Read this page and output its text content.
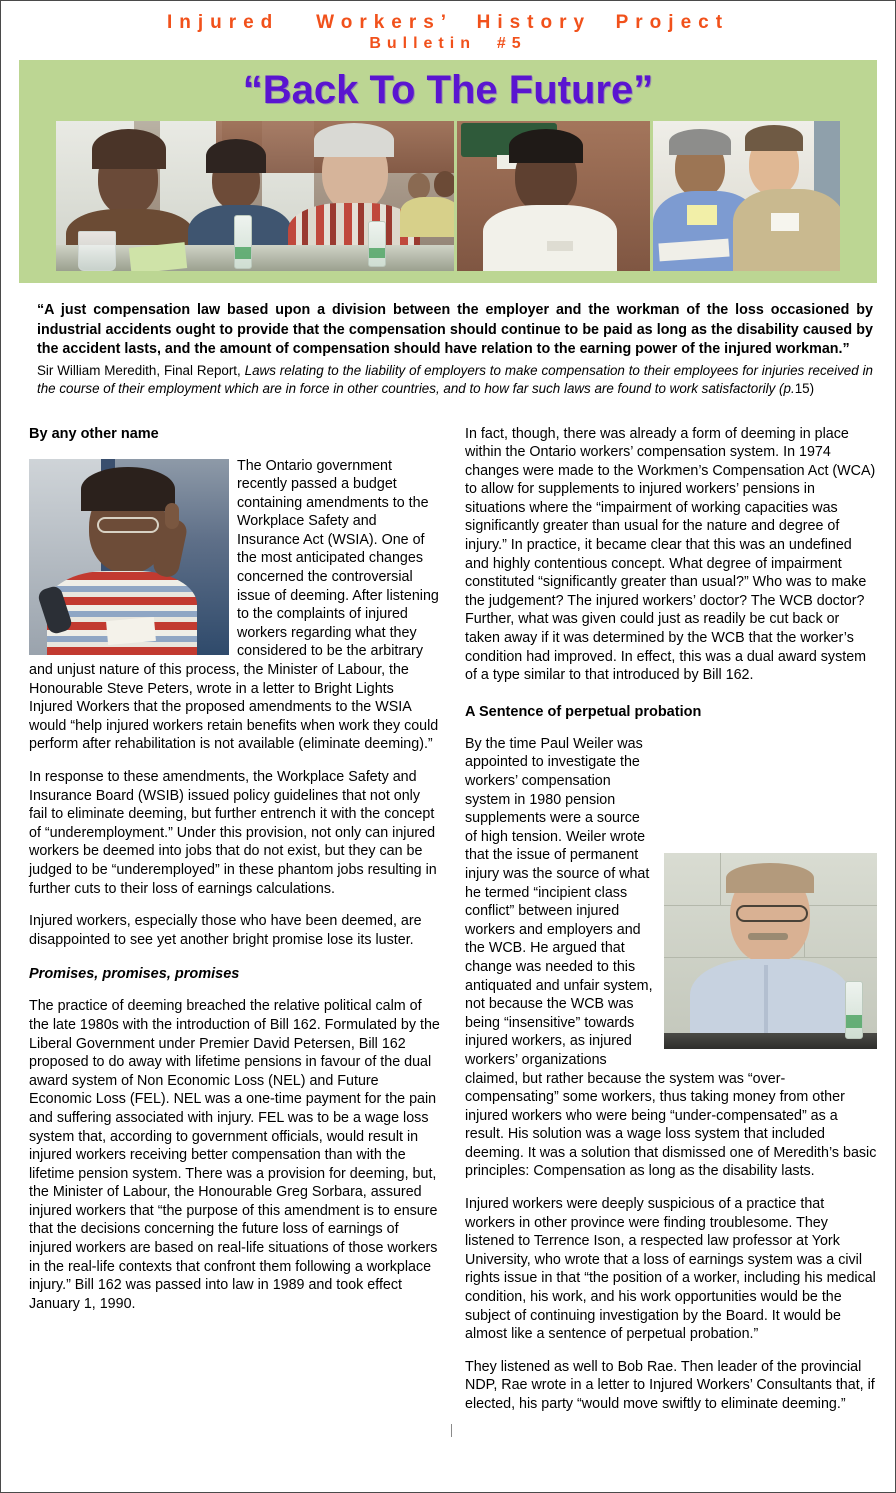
Injured   Workers’  History  Project
Bulletin  #5
“Back To The Future”

“A just compensation law based upon a division between the employer and the workman of the loss occasioned by industrial accidents ought to provide that the compensation should continue to be paid as long as the disability caused by the accident lasts, and the amount of compensation should have relation to the earning power of the injured workman.”

Sir William Meredith, Final Report, Laws relating to the liability of employers to make compensation to their employees for injuries received in the course of their employment which are in force in other countries, and to how far such laws are found to work satisfactorily (p.15)

By any other name

The Ontario government recently passed a budget containing amendments to the Workplace Safety and Insurance Act (WSIA). One of the most anticipated changes concerned the controversial issue of deeming. After listening to the complaints of injured workers regarding what they considered to be the arbitrary and unjust nature of this process, the Minister of Labour, the Honourable Steve Peters, wrote in a letter to Bright Lights Injured Workers that the proposed amendments to the WSIA would “help injured workers retain benefits when work they could perform after rehabilitation is not available (eliminate deeming).”

In response to these amendments, the Workplace Safety and Insurance Board (WSIB) issued policy guidelines that not only fail to eliminate deeming, but further entrench it with the concept of “underemployment.” Under this provision, not only can injured workers be deemed into jobs that do not exist, but they can be judged to be “underemployed” in these phantom jobs resulting in further cuts to their loss of earnings calculations.

Injured workers, especially those who have been deemed, are disappointed to see yet another bright promise lose its luster.

Promises, promises, promises

The practice of deeming breached the relative political calm of the late 1980s with the introduction of Bill 162. Formulated by the Liberal Government under Premier David Petersen, Bill 162 proposed to do away with lifetime pensions in favour of the dual award system of Non Economic Loss (NEL) and Future Economic Loss (FEL). NEL was a one-time payment for the pain and suffering associated with injury. FEL was to be a wage loss system that, according to government officials, would result in injured workers receiving better compensation than with the lifetime pension system. There was a provision for deeming, but, the Minister of Labour, the Honourable Greg Sorbara, assured injured workers that “the purpose of this amendment is to ensure that the decisions concerning the future loss of earnings of injured workers are based on real-life situations of those workers in the real-life contexts that confront them following a workplace injury.” Bill 162 was passed into law in 1989 and took effect January 1, 1990.

In fact, though, there was already a form of deeming in place within the Ontario workers’ compensation system. In 1974 changes were made to the Workmen’s Compensation Act (WCA) to allow for supplements to injured workers’ pensions in situations where the “impairment of working capacities was significantly greater than usual for the nature and degree of injury.” In practice, it became clear that this was an undefined and highly contentious concept. What degree of impairment constituted “significantly greater than usual?” Who was to make the judgement? The injured workers’ doctor? The WCB doctor? Further, what was given could just as readily be cut back or taken away if it was determined by the WCB that the worker’s condition had improved. In effect, this was a dual award system of a type similar to that introduced by Bill 162.

A Sentence of perpetual probation

By the time Paul Weiler was appointed to investigate the workers’ compensation system in 1980 pension supplements were a source of high tension. Weiler wrote that the issue of permanent injury was the source of what he termed “incipient class conflict” between injured workers and employers and the WCB. He argued that change was needed to this antiquated and unfair system, not because the WCB was being “insensitive” towards injured workers, as injured workers’ organizations claimed, but rather because the system was “over-compensating” some workers, thus taking money from other injured workers who were being “under-compensated” as a result. His solution was a wage loss system that included deeming. It was a solution that dismissed one of Meredith’s basic principles: Compensation as long as the disability lasts.

Injured workers were deeply suspicious of a practice that workers in other province were finding troublesome. They listened to Terrence Ison, a respected law professor at York University, who wrote that a loss of earnings system was a civil rights issue in that “the position of a worker, including his medical condition, his work, and his work opportunities would be the subject of continuing investigation by the Board. It would be almost like a sentence of perpetual probation.”

They listened as well to Bob Rae. Then leader of the provincial NDP, Rae wrote in a letter to Injured Workers’ Consultants that, if elected, his party “would move swiftly to eliminate deeming.”
